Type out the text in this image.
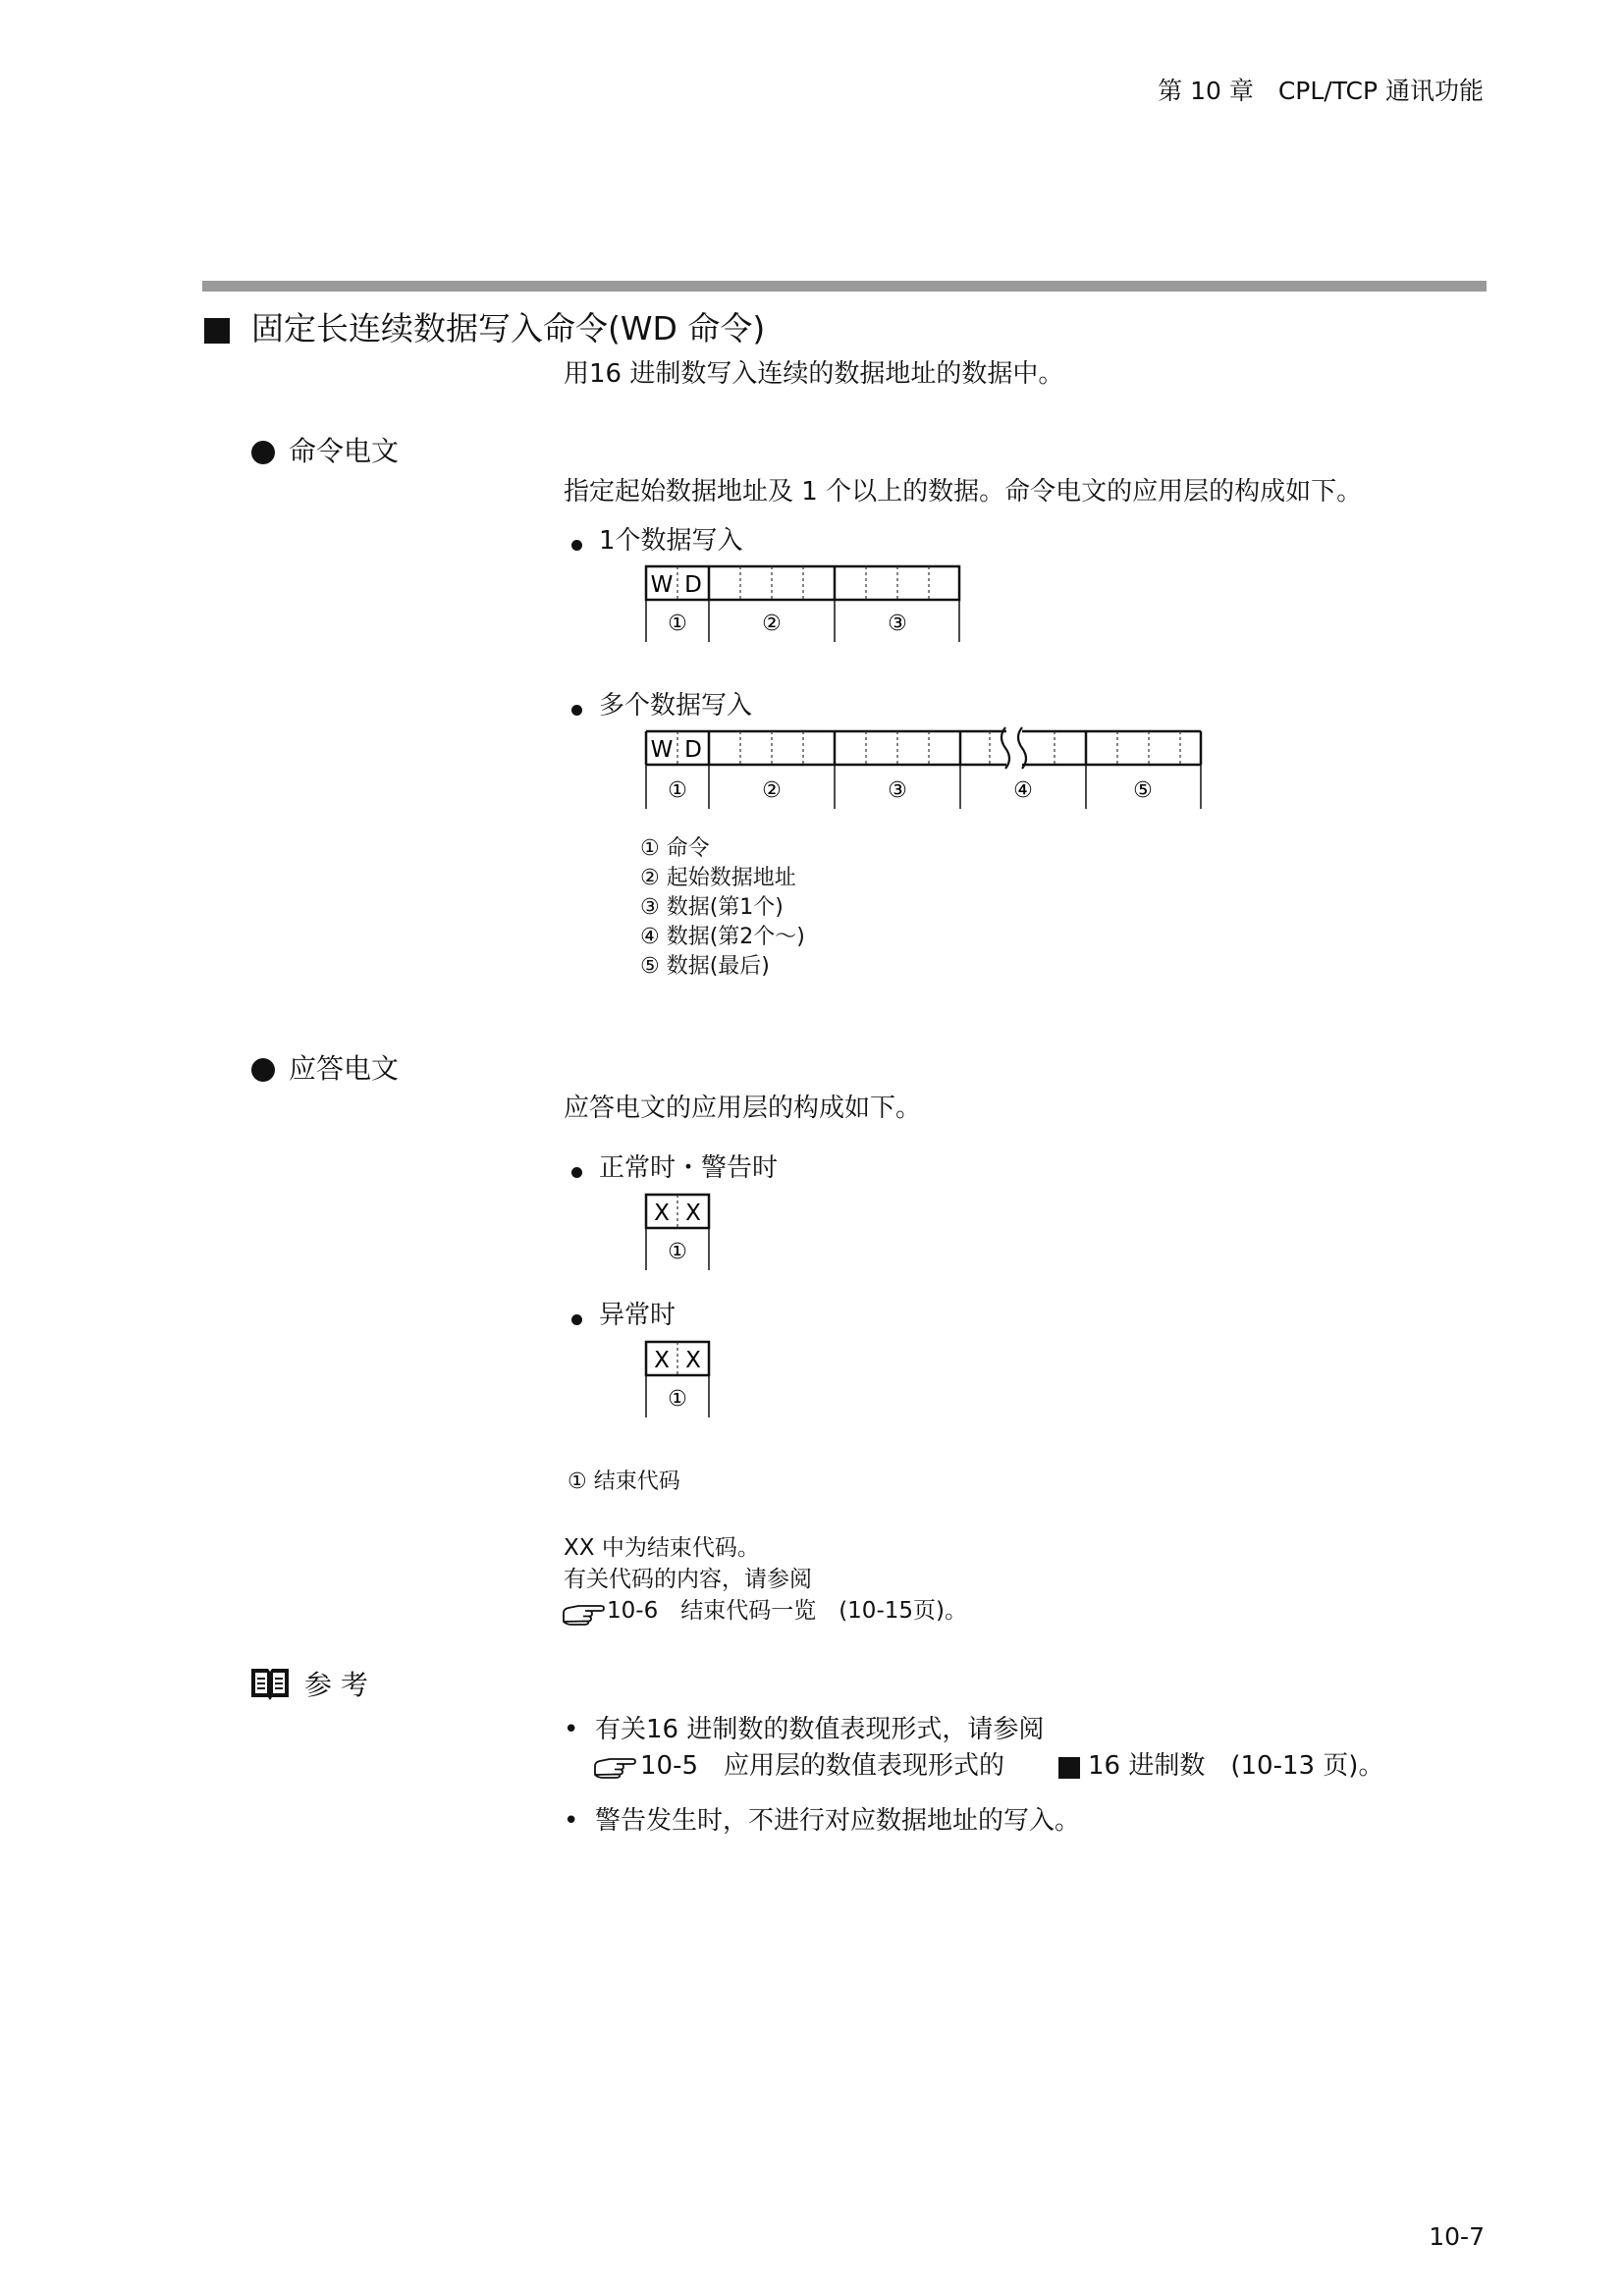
第 10 章　CPL/TCP 通讯功能
固定长连续数据写入命令(WD 命令)
用16 进制数写入连续的数据地址的数据中。
命令电文
指定起始数据地址及 1 个以上的数据。命令电文的应用层的构成如下。
1个数据写入
W D
①	②	③
多个数据写入
W D
①	②	③	④	⑤
① 命令
② 起始数据地址
③ 数据(第1个)
④ 数据(第2个～)
⑤ 数据(最后)
应答电文
应答电文的应用层的构成如下。
正常时・警告时
X X
①
异常时
X X
①
① 结束代码
XX 中为结束代码。
有关代码的内容，请参阅
10-6　结束代码一览　(10-15页)。
参 考
• 有关16 进制数的数值表现形式，请参阅
10-5　应用层的数值表现形式的	16 进制数　(10-13 页)。
• 警告发生时，不进行对应数据地址的写入。
10-7
